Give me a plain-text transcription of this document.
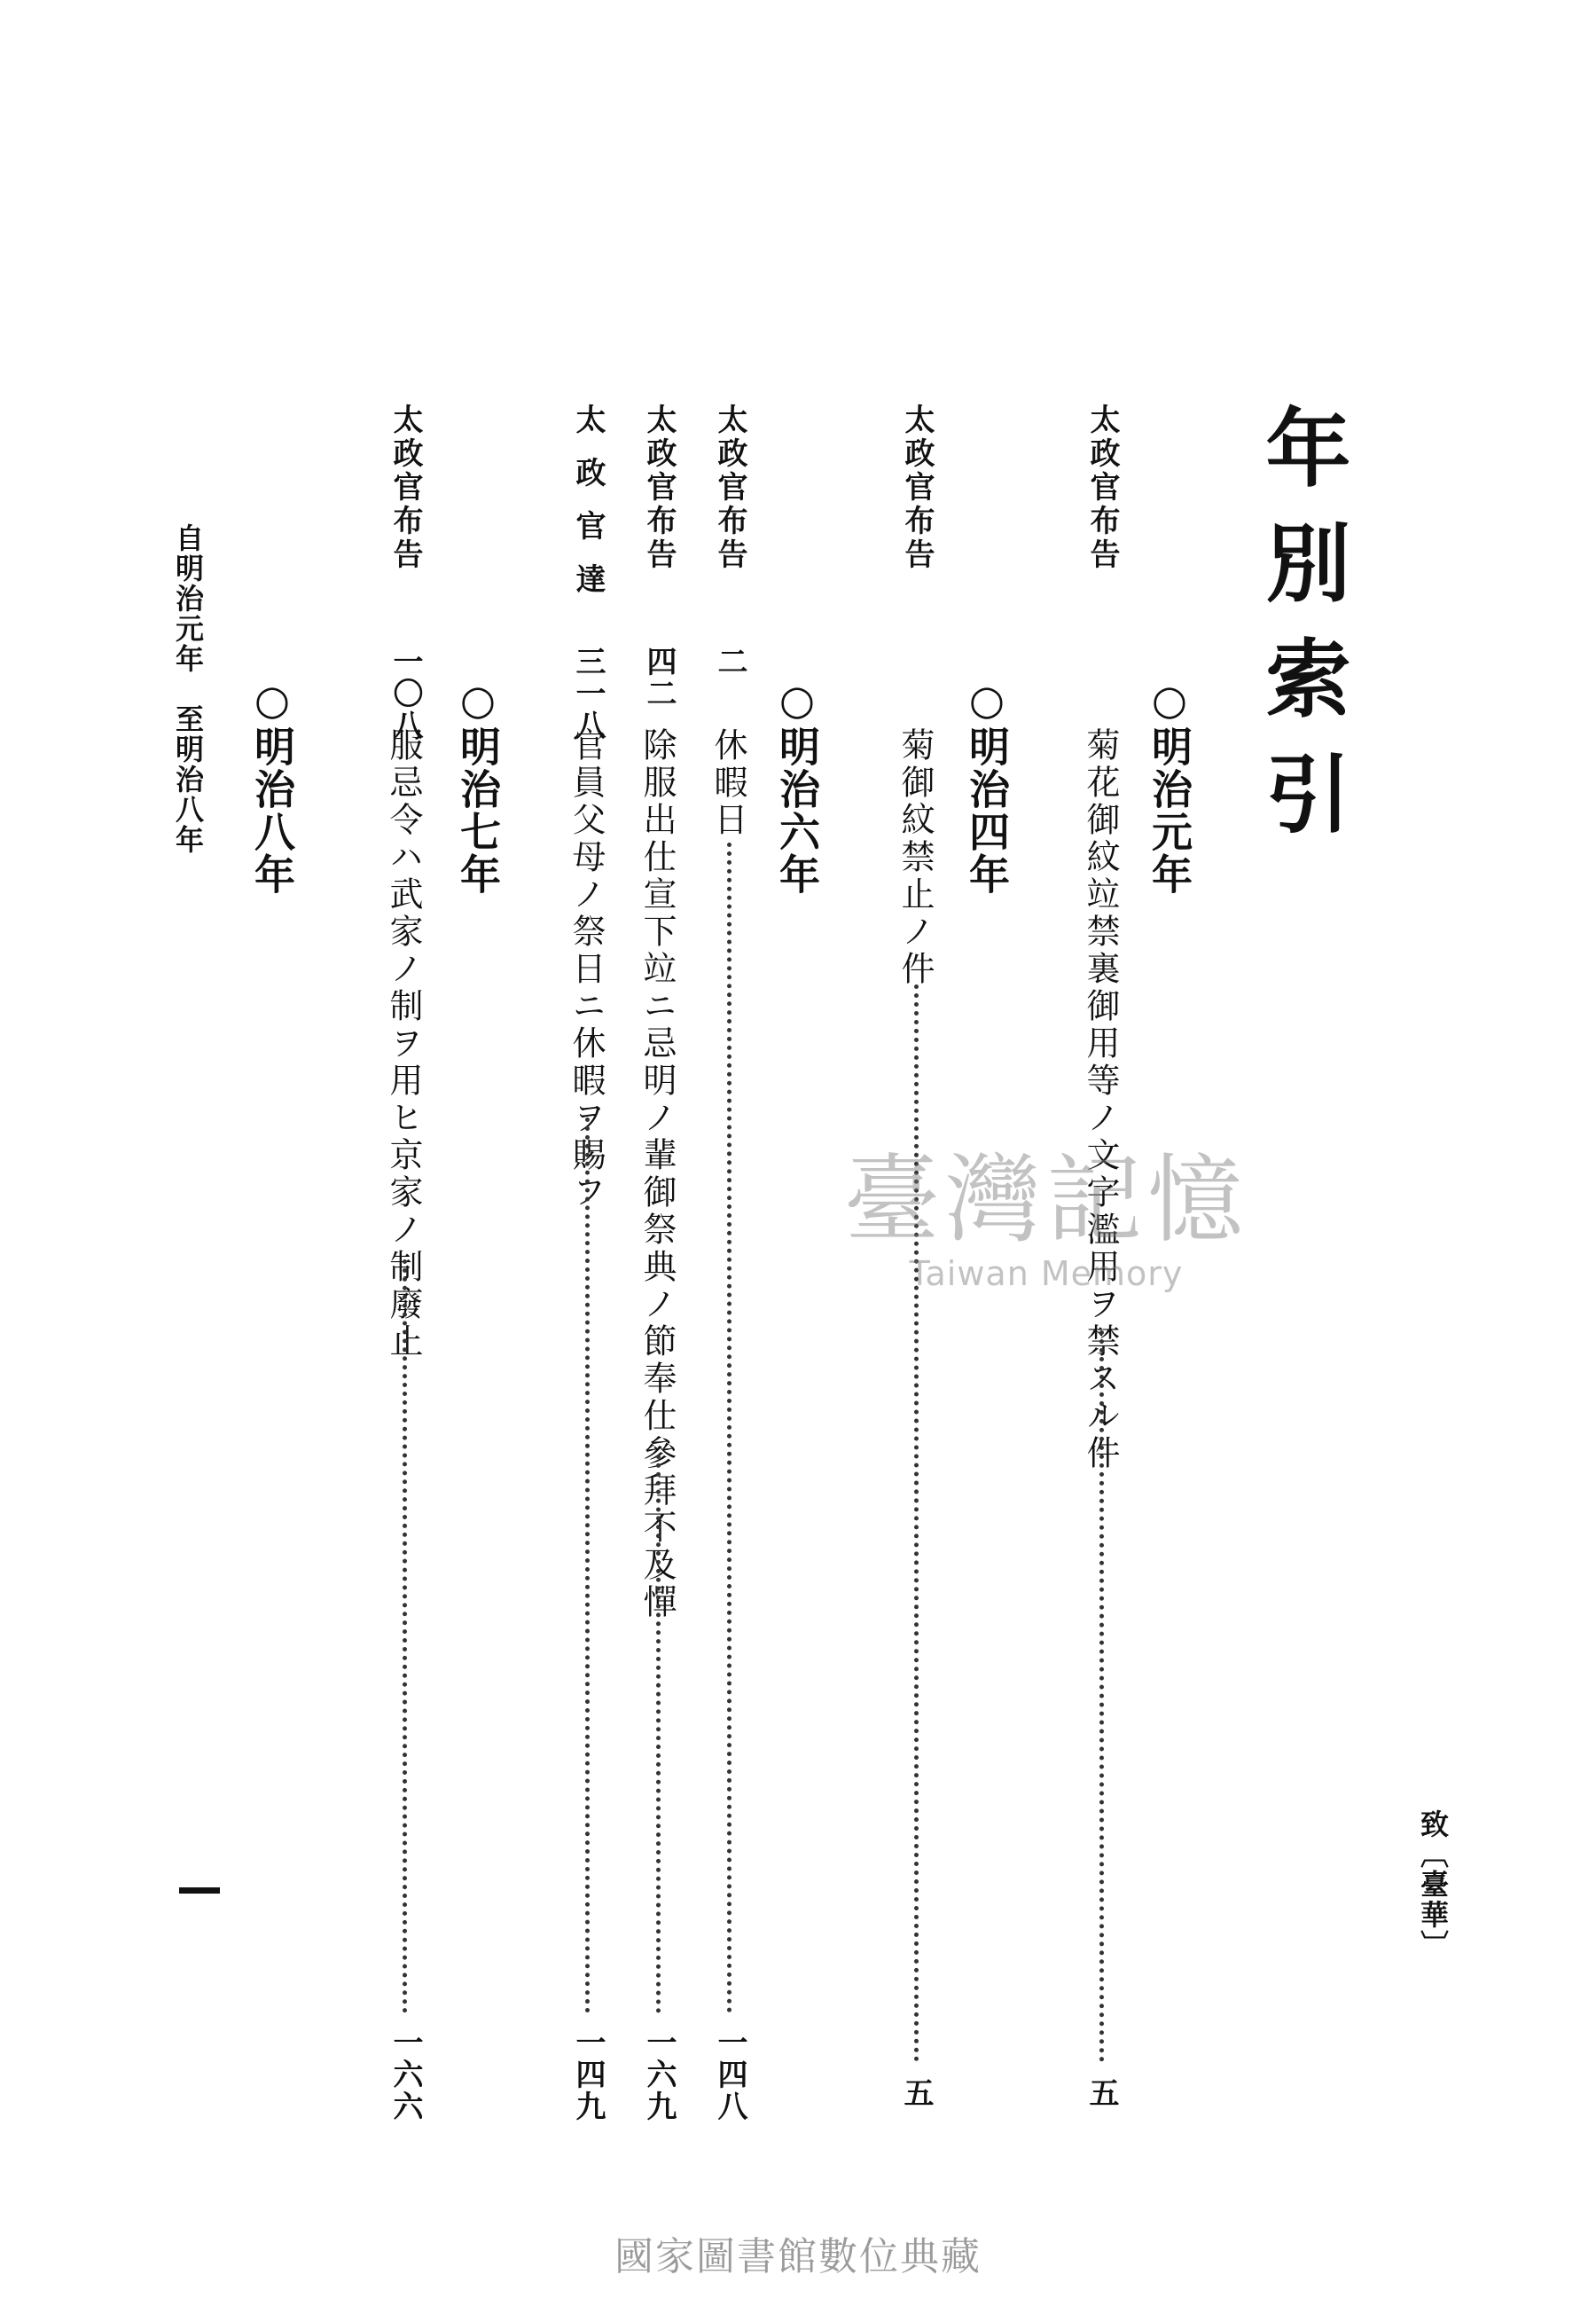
年別索引
致〔臺華〕
○明治元年
太政官布告
菊花御紋竝禁裏御用等ノ文字濫用ヲ禁スル件
五
○明治四年
太政官布告
菊御紋禁止ノ件
五
○明治六年
太政官布告
二
休暇日
一四八
太政官布告
四二
除服出仕宣下竝ニ忌明ノ輩御祭典ノ節奉仕參拜不及憚
一六九
太政官達
三一八
官員父母ノ祭日ニ休暇ヲ賜フ
一四九
○明治七年
太政官布告
一〇八
服忌令ハ武家ノ制ヲ用ヒ京家ノ制廢止
一六六
○明治八年
自明治元年　至明治八年
臺灣記憶
Taiwan Memory
國家圖書館數位典藏
